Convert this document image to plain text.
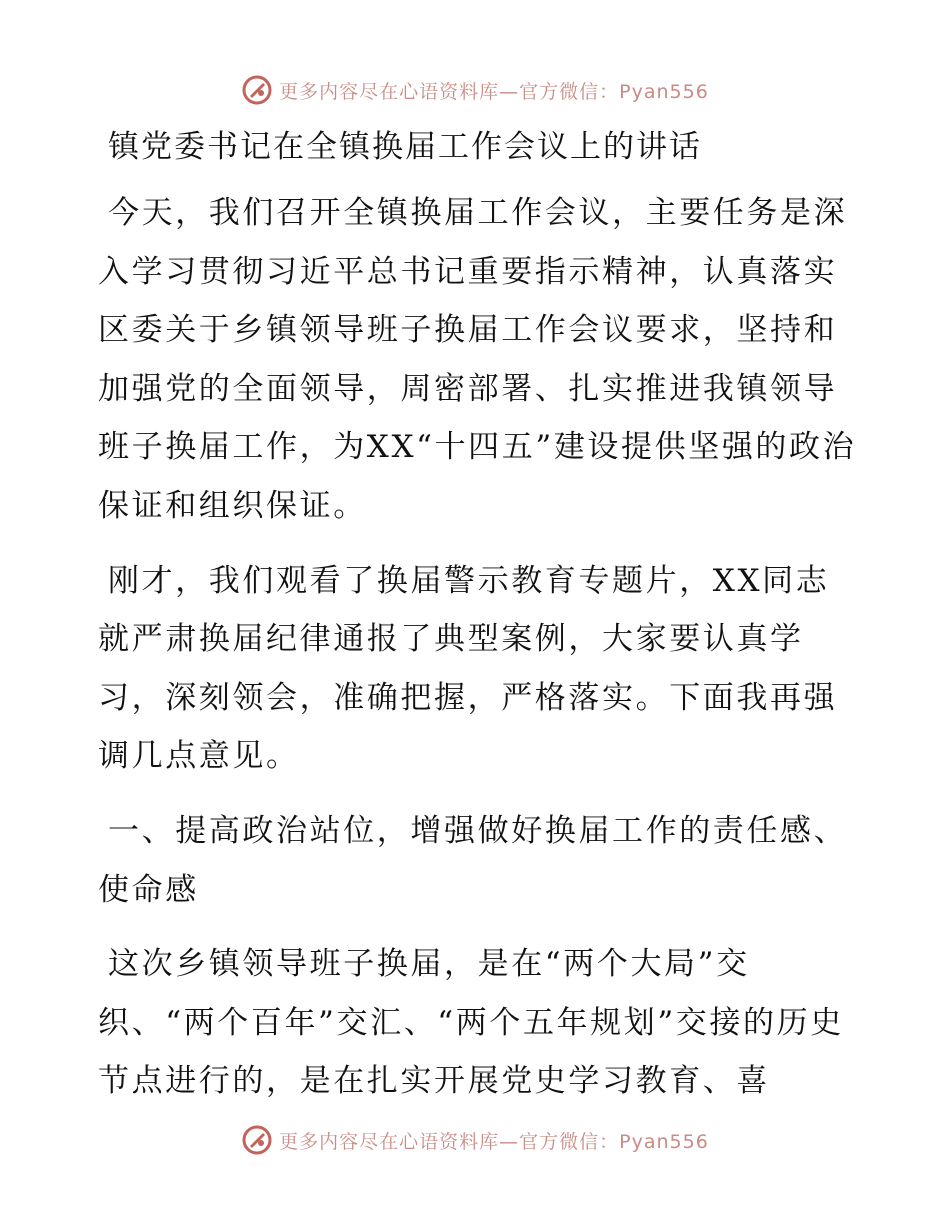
更多内容尽在心语资料库—官方微信：Pyan556
镇党委书记在全镇换届工作会议上的讲话

今天，我们召开全镇换届工作会议，主要任务是深入学习贯彻习近平总书记重要指示精神，认真落实区委关于乡镇领导班子换届工作会议要求，坚持和加强党的全面领导，周密部署、扎实推进我镇领导班子换届工作，为XX“十四五”建设提供坚强的政治保证和组织保证。

刚才，我们观看了换届警示教育专题片，XX同志就严肃换届纪律通报了典型案例，大家要认真学习，深刻领会，准确把握，严格落实。下面我再强调几点意见。

一、提高政治站位，增强做好换届工作的责任感、使命感

这次乡镇领导班子换届，是在“两个大局”交织、“两个百年”交汇、“两个五年规划”交接的历史节点进行的，是在扎实开展党史学习教育、喜

更多内容尽在心语资料库—官方微信：Pyan556
